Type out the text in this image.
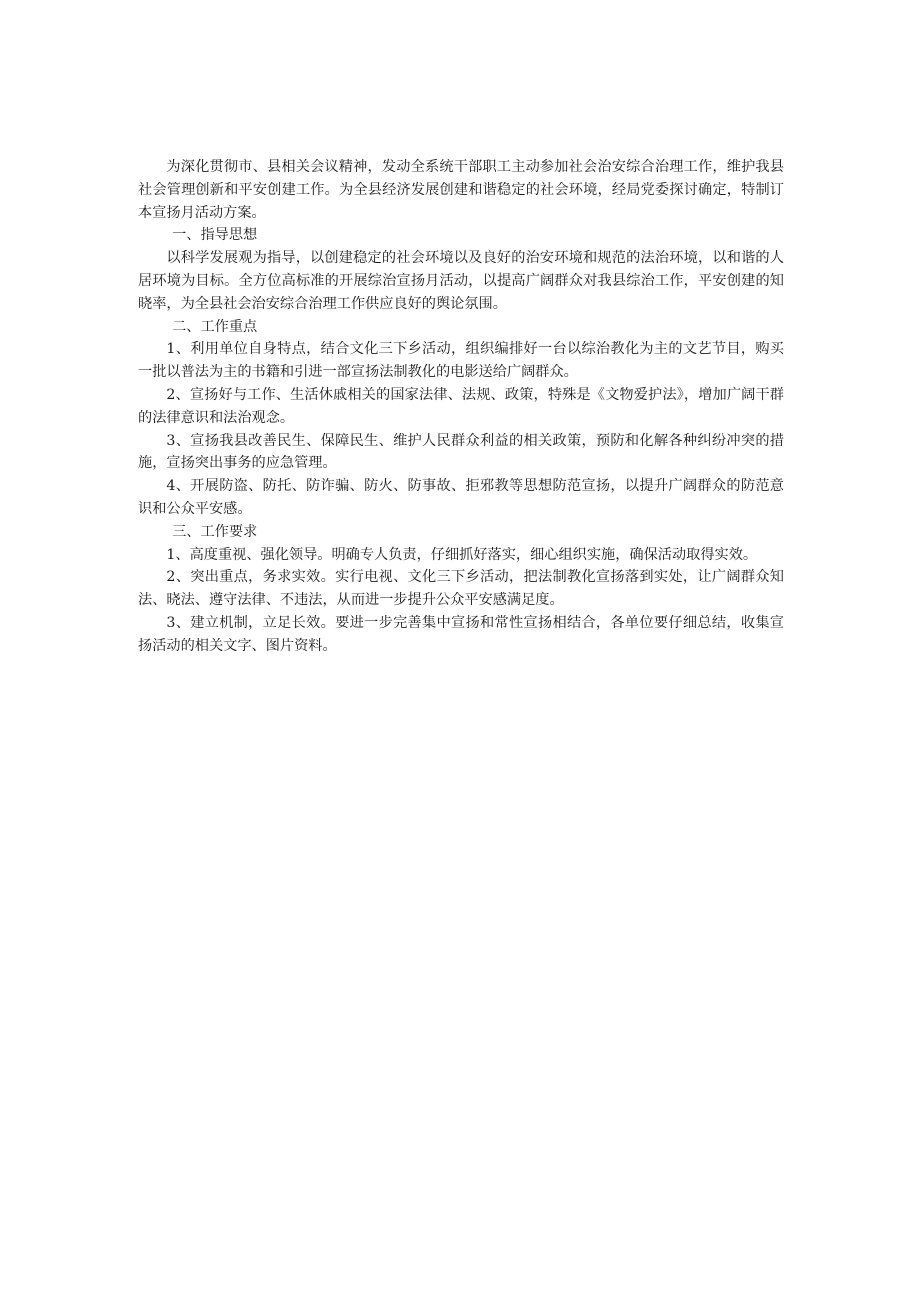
为深化贯彻市、县相关会议精神，发动全系统干部职工主动参加社会治安综合治理工作，维护我县社会管理创新和平安创建工作。为全县经济发展创建和谐稳定的社会环境，经局党委探讨确定，特制订本宣扬月活动方案。

一、指导思想

以科学发展观为指导，以创建稳定的社会环境以及良好的治安环境和规范的法治环境，以和谐的人居环境为目标。全方位高标准的开展综治宣扬月活动，以提高广阔群众对我县综治工作，平安创建的知晓率，为全县社会治安综合治理工作供应良好的舆论氛围。

二、工作重点

1、利用单位自身特点，结合文化三下乡活动，组织编排好一台以综治教化为主的文艺节目，购买一批以普法为主的书籍和引进一部宣扬法制教化的电影送给广阔群众。

2、宣扬好与工作、生活休戚相关的国家法律、法规、政策，特殊是《文物爱护法》，增加广阔干群的法律意识和法治观念。

3、宣扬我县改善民生、保障民生、维护人民群众利益的相关政策，预防和化解各种纠纷冲突的措施，宣扬突出事务的应急管理。

4、开展防盗、防托、防诈骗、防火、防事故、拒邪教等思想防范宣扬，以提升广阔群众的防范意识和公众平安感。

三、工作要求

1、高度重视、强化领导。明确专人负责，仔细抓好落实，细心组织实施，确保活动取得实效。

2、突出重点，务求实效。实行电视、文化三下乡活动，把法制教化宣扬落到实处，让广阔群众知法、晓法、遵守法律、不违法，从而进一步提升公众平安感满足度。

3、建立机制，立足长效。要进一步完善集中宣扬和常性宣扬相结合，各单位要仔细总结，收集宣扬活动的相关文字、图片资料。
